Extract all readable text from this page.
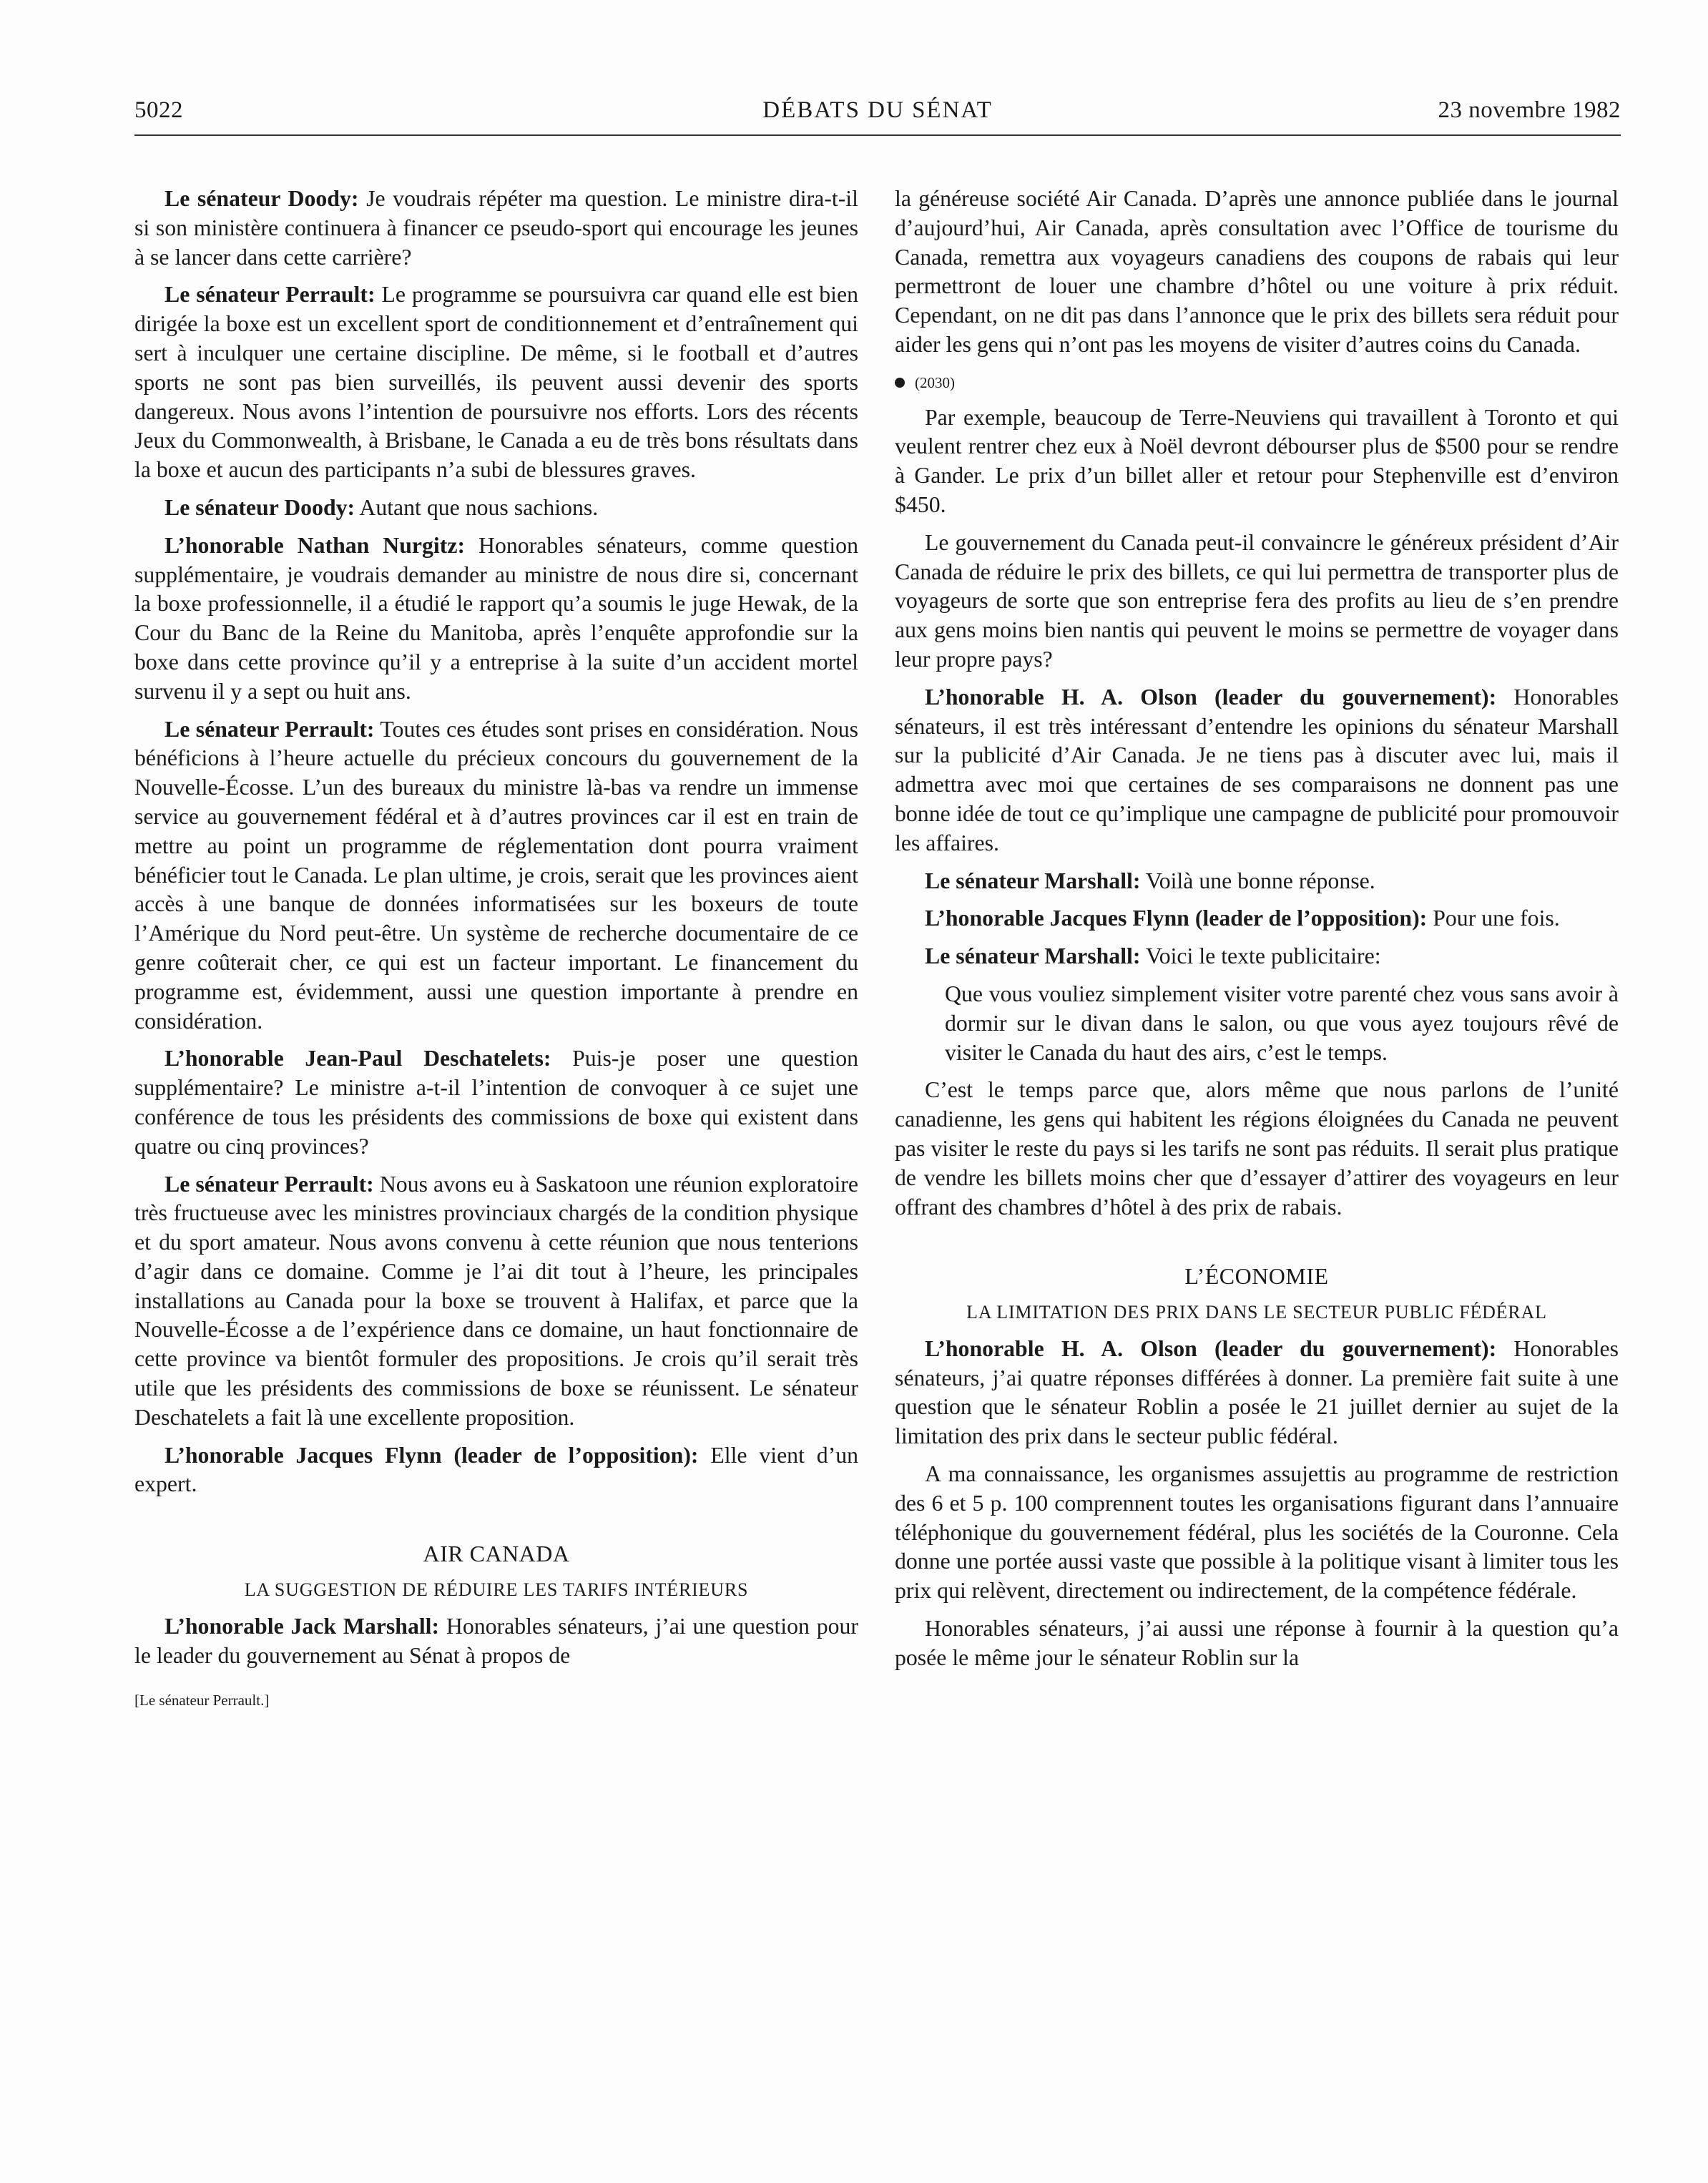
5022	DÉBATS DU SÉNAT	23 novembre 1982

Le sénateur Doody: Je voudrais répéter ma question. Le ministre dira-t-il si son ministère continuera à financer ce pseudo-sport qui encourage les jeunes à se lancer dans cette carrière?

Le sénateur Perrault: Le programme se poursuivra car quand elle est bien dirigée la boxe est un excellent sport de conditionnement et d’entraînement qui sert à inculquer une certaine discipline. De même, si le football et d’autres sports ne sont pas bien surveillés, ils peuvent aussi devenir des sports dangereux. Nous avons l’intention de poursuivre nos efforts. Lors des récents Jeux du Commonwealth, à Brisbane, le Canada a eu de très bons résultats dans la boxe et aucun des participants n’a subi de blessures graves.

Le sénateur Doody: Autant que nous sachions.

L’honorable Nathan Nurgitz: Honorables sénateurs, comme question supplémentaire, je voudrais demander au ministre de nous dire si, concernant la boxe professionnelle, il a étudié le rapport qu’a soumis le juge Hewak, de la Cour du Banc de la Reine du Manitoba, après l’enquête approfondie sur la boxe dans cette province qu’il y a entreprise à la suite d’un accident mortel survenu il y a sept ou huit ans.

Le sénateur Perrault: Toutes ces études sont prises en considération. Nous bénéficions à l’heure actuelle du précieux concours du gouvernement de la Nouvelle-Écosse. L’un des bureaux du ministre là-bas va rendre un immense service au gouvernement fédéral et à d’autres provinces car il est en train de mettre au point un programme de réglementation dont pourra vraiment bénéficier tout le Canada. Le plan ultime, je crois, serait que les provinces aient accès à une banque de données informatisées sur les boxeurs de toute l’Amérique du Nord peut-être. Un système de recherche documentaire de ce genre coûterait cher, ce qui est un facteur important. Le financement du programme est, évidemment, aussi une question importante à prendre en considération.

L’honorable Jean-Paul Deschatelets: Puis-je poser une question supplémentaire? Le ministre a-t-il l’intention de convoquer à ce sujet une conférence de tous les présidents des commissions de boxe qui existent dans quatre ou cinq provinces?

Le sénateur Perrault: Nous avons eu à Saskatoon une réunion exploratoire très fructueuse avec les ministres provinciaux chargés de la condition physique et du sport amateur. Nous avons convenu à cette réunion que nous tenterions d’agir dans ce domaine. Comme je l’ai dit tout à l’heure, les principales installations au Canada pour la boxe se trouvent à Halifax, et parce que la Nouvelle-Écosse a de l’expérience dans ce domaine, un haut fonctionnaire de cette province va bientôt formuler des propositions. Je crois qu’il serait très utile que les présidents des commissions de boxe se réunissent. Le sénateur Deschatelets a fait là une excellente proposition.

L’honorable Jacques Flynn (leader de l’opposition): Elle vient d’un expert.

AIR CANADA
LA SUGGESTION DE RÉDUIRE LES TARIFS INTÉRIEURS

L’honorable Jack Marshall: Honorables sénateurs, j’ai une question pour le leader du gouvernement au Sénat à propos de

[Le sénateur Perrault.]

la généreuse société Air Canada. D’après une annonce publiée dans le journal d’aujourd’hui, Air Canada, après consultation avec l’Office de tourisme du Canada, remettra aux voyageurs canadiens des coupons de rabais qui leur permettront de louer une chambre d’hôtel ou une voiture à prix réduit. Cependant, on ne dit pas dans l’annonce que le prix des billets sera réduit pour aider les gens qui n’ont pas les moyens de visiter d’autres coins du Canada.

(2030)

Par exemple, beaucoup de Terre-Neuviens qui travaillent à Toronto et qui veulent rentrer chez eux à Noël devront débourser plus de $500 pour se rendre à Gander. Le prix d’un billet aller et retour pour Stephenville est d’environ $450.

Le gouvernement du Canada peut-il convaincre le généreux président d’Air Canada de réduire le prix des billets, ce qui lui permettra de transporter plus de voyageurs de sorte que son entreprise fera des profits au lieu de s’en prendre aux gens moins bien nantis qui peuvent le moins se permettre de voyager dans leur propre pays?

L’honorable H. A. Olson (leader du gouvernement): Honorables sénateurs, il est très intéressant d’entendre les opinions du sénateur Marshall sur la publicité d’Air Canada. Je ne tiens pas à discuter avec lui, mais il admettra avec moi que certaines de ses comparaisons ne donnent pas une bonne idée de tout ce qu’implique une campagne de publicité pour promouvoir les affaires.

Le sénateur Marshall: Voilà une bonne réponse.

L’honorable Jacques Flynn (leader de l’opposition): Pour une fois.

Le sénateur Marshall: Voici le texte publicitaire:

Que vous vouliez simplement visiter votre parenté chez vous sans avoir à dormir sur le divan dans le salon, ou que vous ayez toujours rêvé de visiter le Canada du haut des airs, c’est le temps.

C’est le temps parce que, alors même que nous parlons de l’unité canadienne, les gens qui habitent les régions éloignées du Canada ne peuvent pas visiter le reste du pays si les tarifs ne sont pas réduits. Il serait plus pratique de vendre les billets moins cher que d’essayer d’attirer des voyageurs en leur offrant des chambres d’hôtel à des prix de rabais.

L’ÉCONOMIE
LA LIMITATION DES PRIX DANS LE SECTEUR PUBLIC FÉDÉRAL

L’honorable H. A. Olson (leader du gouvernement): Honorables sénateurs, j’ai quatre réponses différées à donner. La première fait suite à une question que le sénateur Roblin a posée le 21 juillet dernier au sujet de la limitation des prix dans le secteur public fédéral.

A ma connaissance, les organismes assujettis au programme de restriction des 6 et 5 p. 100 comprennent toutes les organisations figurant dans l’annuaire téléphonique du gouvernement fédéral, plus les sociétés de la Couronne. Cela donne une portée aussi vaste que possible à la politique visant à limiter tous les prix qui relèvent, directement ou indirectement, de la compétence fédérale.

Honorables sénateurs, j’ai aussi une réponse à fournir à la question qu’a posée le même jour le sénateur Roblin sur la
